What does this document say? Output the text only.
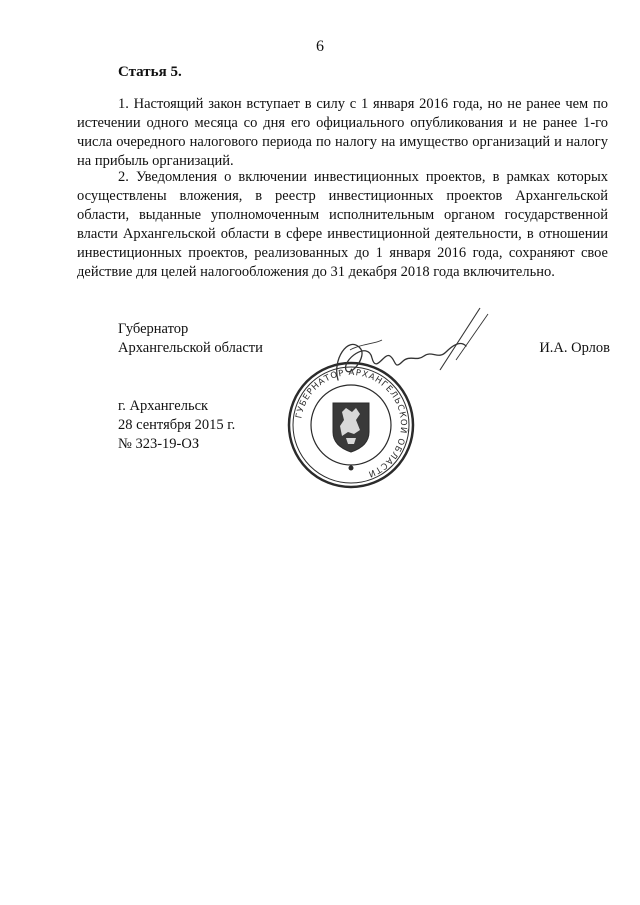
6
Статья 5.
1. Настоящий закон вступает в силу с 1 января 2016 года, но не ранее чем по истечении одного месяца со дня его официального опубликования и не ранее 1-го числа очередного налогового периода по налогу на имущество организаций и налогу на прибыль организаций.
2. Уведомления о включении инвестиционных проектов, в рамках которых осуществлены вложения, в реестр инвестиционных проектов Архангельской области, выданные уполномоченным исполнительным органом государственной власти Архангельской области в сфере инвестиционной деятельности, в отношении инвестиционных проектов, реализованных до 1 января 2016 года, сохраняют свое действие для целей налогообложения до 31 декабря 2018 года включительно.
Губернатор
Архангельской области	И.А. Орлов
г. Архангельск
28 сентября 2015 г.
№ 323-19-ОЗ
ГУБЕРНАТОР АРХАНГЕЛЬСКОЙ ОБЛАСТИ
